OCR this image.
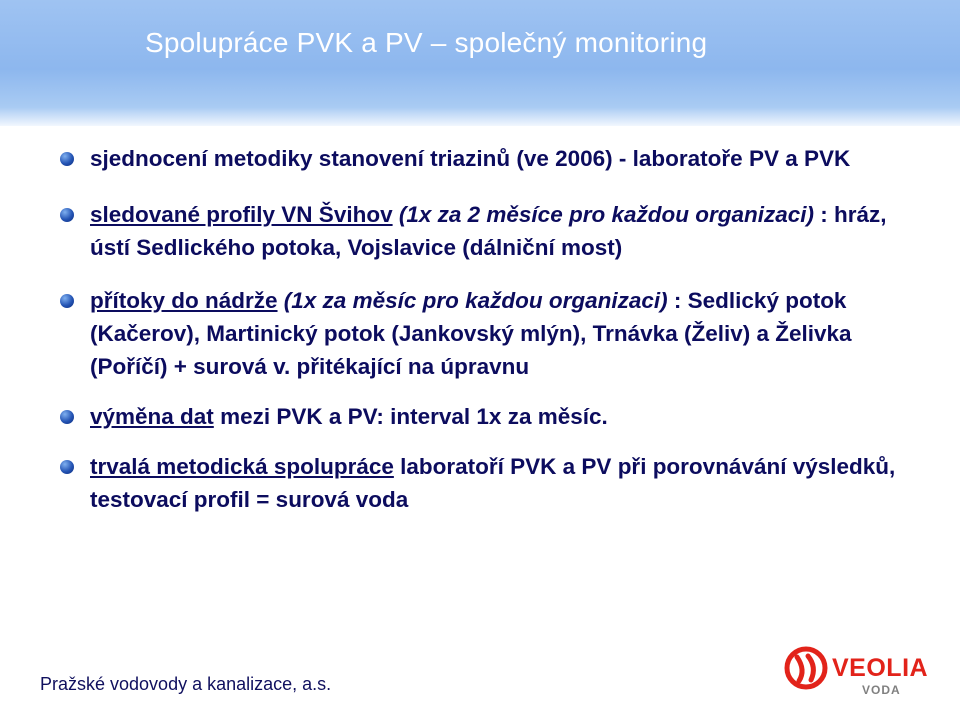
Spolupráce PVK a PV – společný monitoring
sjednocení metodiky stanovení triazinů (ve 2006) - laboratoře PV a PVK
sledované profily VN Švihov (1x za 2 měsíce pro každou organizaci) : hráz, ústí Sedlického potoka, Vojslavice (dálniční most)
přítoky do nádrže (1x za měsíc pro každou organizaci) : Sedlický potok (Kačerov), Martinický potok (Jankovský mlýn), Trnávka (Želiv) a Želivka (Poříčí) + surová v. přitékající na úpravnu
výměna dat mezi PVK a PV: interval 1x za měsíc.
trvalá metodická spolupráce laboratoří PVK a PV při porovnávání výsledků, testovací profil = surová voda
Pražské vodovody a kanalizace, a.s.
VEOLIA
VODA
